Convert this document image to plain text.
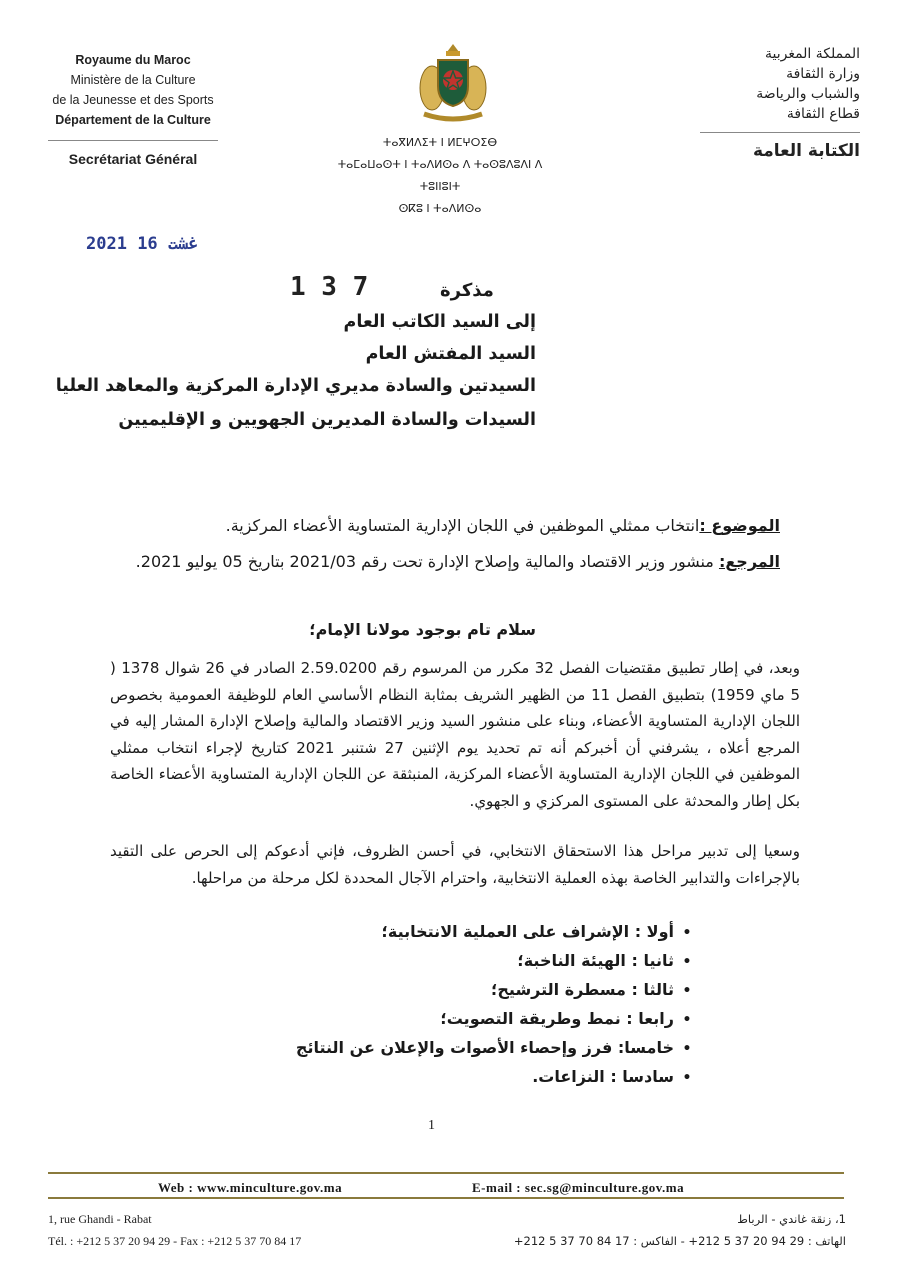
Royaume du Maroc
Ministère de la Culture
de la Jeunesse et des Sports
Département de la Culture
Secrétariat Général
المملكة المغربية
وزارة الثقافة
والشباب والرياضة
قطاع الثقافة
الكتابة العامة
ⵜⴰⴳⵍⴷⵉⵜ ⵏ ⵍⵎⵖⵔⵉⴱ
ⵜⴰⵎⴰⵡⴰⵙⵜ ⵏ ⵜⴰⴷⵍⵙⴰ ⴷ ⵜⴰⵙⵓⴷⵓⴷⵏ ⴷ ⵜⵓⵏⵏⵓⵏⵜ
ⵙⴽⵓ ⵏ ⵜⴰⴷⵍⵙⴰ
2021 غشت 16
مذكرة
1 3 7
إلى السيد الكاتب العام
السيد المفتش العام
السيدتين والسادة مديري الإدارة المركزية والمعاهد العليا
السيدات والسادة المديرين الجهويين و الإقليميين
الموضوع :انتخاب ممثلي الموظفين في اللجان الإدارية المتساوية الأعضاء المركزية.
المرجع: منشور وزير الاقتصاد والمالية وإصلاح الإدارة تحت رقم 2021/03 بتاريخ 05 يوليو 2021.
سلام تام بوجود مولانا الإمام؛
وبعد، في إطار تطبيق مقتضيات الفصل 32 مكرر من المرسوم رقم 2.59.0200 الصادر في 26 شوال 1378 ( 5 ماي 1959) بتطبيق الفصل 11 من الظهير الشريف بمثابة النظام الأساسي العام للوظيفة العمومية بخصوص اللجان الإدارية المتساوية الأعضاء، وبناء على منشور السيد وزير الاقتصاد والمالية وإصلاح الإدارة المشار إليه في المرجع أعلاه ، يشرفني أن أخبركم أنه تم تحديد يوم الإثنين 27 شتنبر 2021 كتاريخ لإجراء انتخاب ممثلي الموظفين في اللجان الإدارية المتساوية الأعضاء المركزية، المنبثقة عن اللجان الإدارية المتساوية الأعضاء الخاصة بكل إطار والمحدثة على المستوى المركزي و الجهوي.
وسعيا إلى تدبير مراحل هذا الاستحقاق الانتخابي، في أحسن الظروف، فإني أدعوكم إلى الحرص على التقيد بالإجراءات والتدابير الخاصة بهذه العملية الانتخابية، واحترام الآجال المحددة لكل مرحلة من مراحلها.
• أولا : الإشراف على العملية الانتخابية؛
• ثانيا : الهيئة الناخبة؛
• ثالثا : مسطرة الترشيح؛
• رابعا : نمط وطريقة التصويت؛
• خامسا: فرز وإحصاء الأصوات والإعلان عن النتائج
• سادسا : النزاعات.
1
Web : www.minculture.gov.ma	E-mail : sec.sg@minculture.gov.ma
1, rue Ghandi - Rabat
Tél. : +212 5 37 20 94 29 - Fax : +212 5 37 70 84 17
1، زنقة غاندي - الرباط
الهاتف : 29 94 20 37 5 212+ - الفاكس : 17 84 70 37 5 212+
